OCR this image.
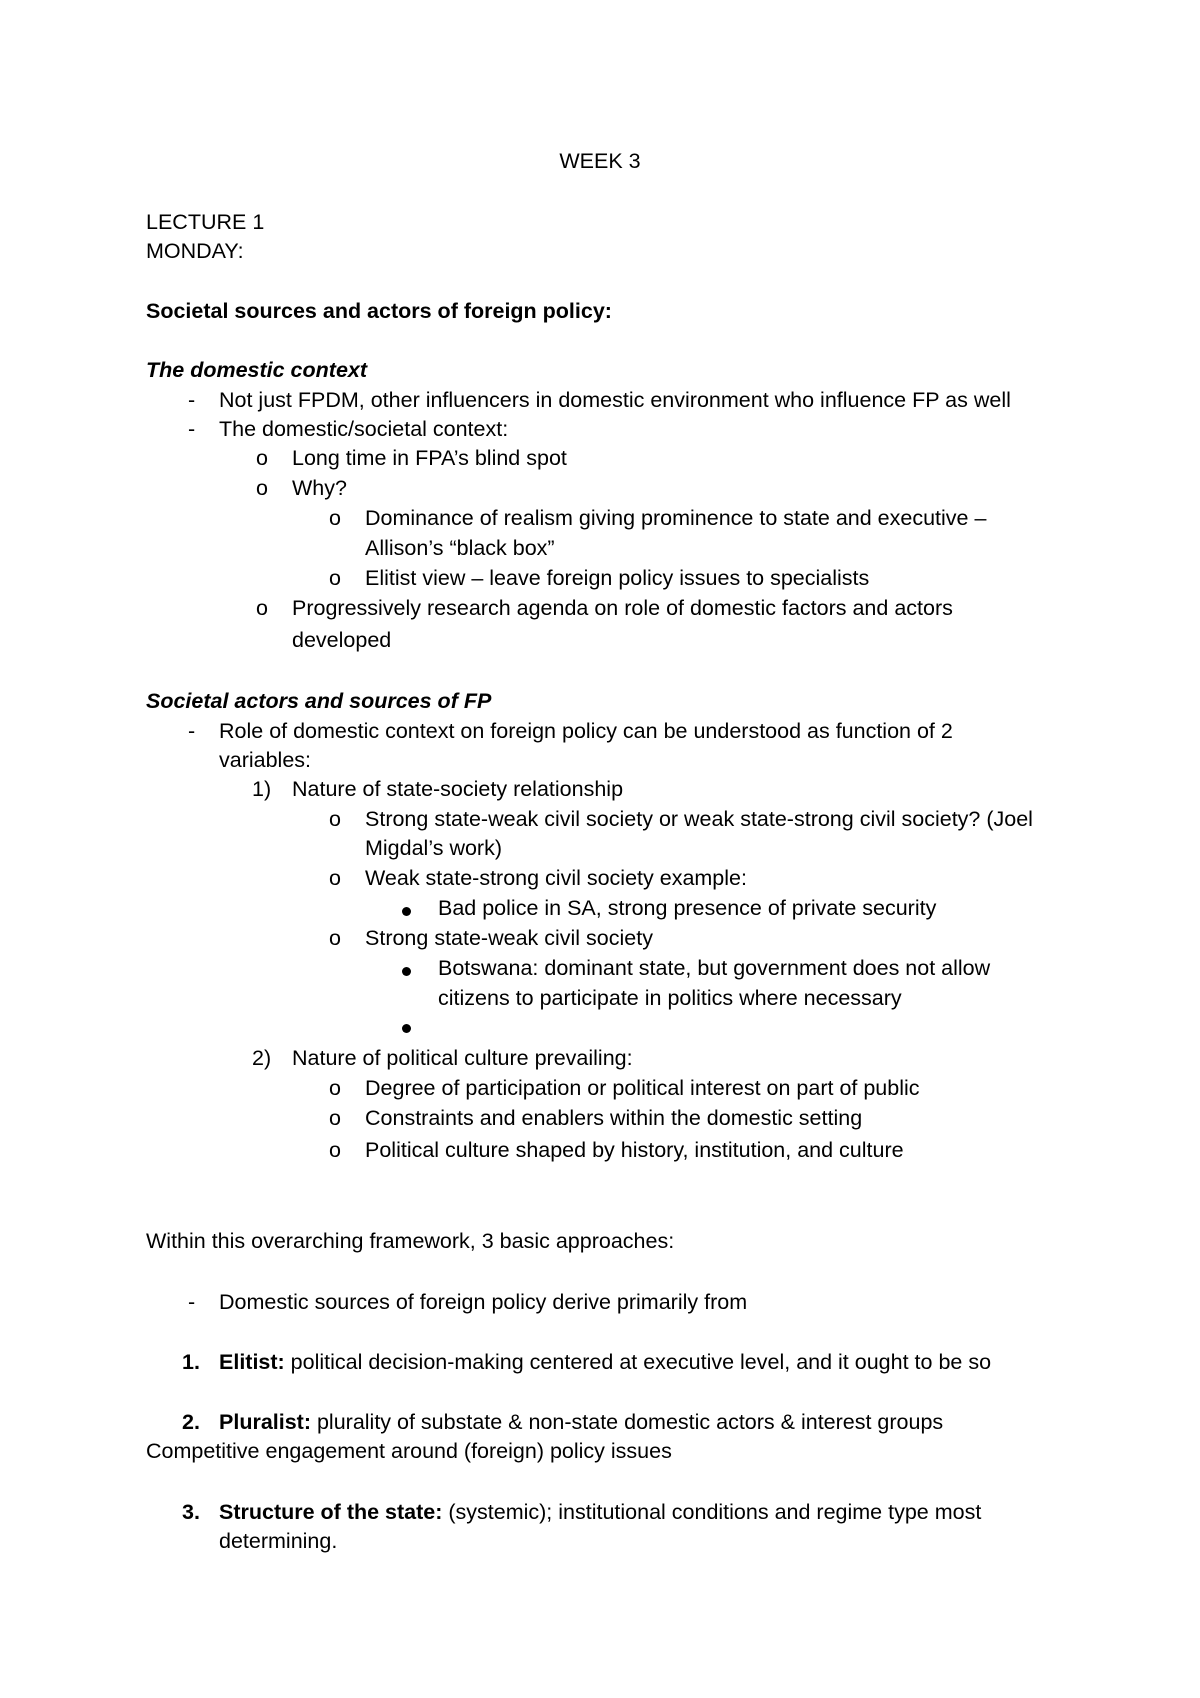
WEEK 3
LECTURE 1
MONDAY:
Societal sources and actors of foreign policy:
The domestic context
- Not just FPDM, other influencers in domestic environment who influence FP as well
- The domestic/societal context:
o Long time in FPA’s blind spot
o Why?
o Dominance of realism giving prominence to state and executive –
Allison’s “black box”
o Elitist view – leave foreign policy issues to specialists
o Progressively research agenda on role of domestic factors and actors
developed
Societal actors and sources of FP
- Role of domestic context on foreign policy can be understood as function of 2
variables:
1) Nature of state-society relationship
o Strong state-weak civil society or weak state-strong civil society? (Joel
Migdal’s work)
o Weak state-strong civil society example:
Bad police in SA, strong presence of private security
o Strong state-weak civil society
Botswana: dominant state, but government does not allow
citizens to participate in politics where necessary
2) Nature of political culture prevailing:
o Degree of participation or political interest on part of public
o Constraints and enablers within the domestic setting
o Political culture shaped by history, institution, and culture
Within this overarching framework, 3 basic approaches:
- Domestic sources of foreign policy derive primarily from
1. Elitist: political decision-making centered at executive level, and it ought to be so
2. Pluralist: plurality of substate & non-state domestic actors & interest groups
Competitive engagement around (foreign) policy issues
3. Structure of the state: (systemic); institutional conditions and regime type most
determining.
